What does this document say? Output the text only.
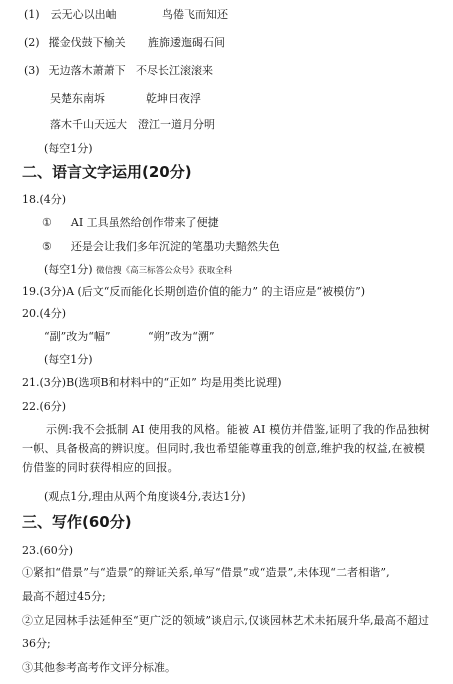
(1) 云无心以出岫	鸟倦飞而知还
(2) 摐金伐鼓下榆关 旌旆逶迤碣石间
(3) 无边落木萧萧下 不尽长江滚滚来
吴楚东南坼	乾坤日夜浮
落木千山天远大 澄江一道月分明
(每空1分)
二、语言文字运用(20分)
18.(4分)
① AI 工具虽然给创作带来了便捷
⑤ 还是会让我们多年沉淀的笔墨功夫黯然失色
(每空1分) 微信搜《高三标答公众号》获取全科
19.(3分)A (后文“反而能化长期创造价值的能力” 的主语应是“被模仿”)
20.(4分)
“副”改为“幅”	“朔”改为“溯”
(每空1分)
21.(3分)B(选项B和材料中的“正如” 均是用类比说理)
22.(6分)
示例:我不会抵制 AI 使用我的风格。能被 AI 模仿并借鉴,证明了我的作品独树一帜、具备极高的辨识度。但同时,我也希望能尊重我的创意,维护我的权益,在被模仿借鉴的同时获得相应的回报。
(观点1分,理由从两个角度谈4分,表达1分)
三、写作(60分)
23.(60分)
①紧扣“借景”与“造景”的辩证关系,单写“借景”或“造景”,未体现“二者相谐”,
最高不超过45分;
②立足园林手法延伸至“更广泛的领域”谈启示,仅谈园林艺术未拓展升华,最高不超过
36分;
③其他参考高考作文评分标准。
